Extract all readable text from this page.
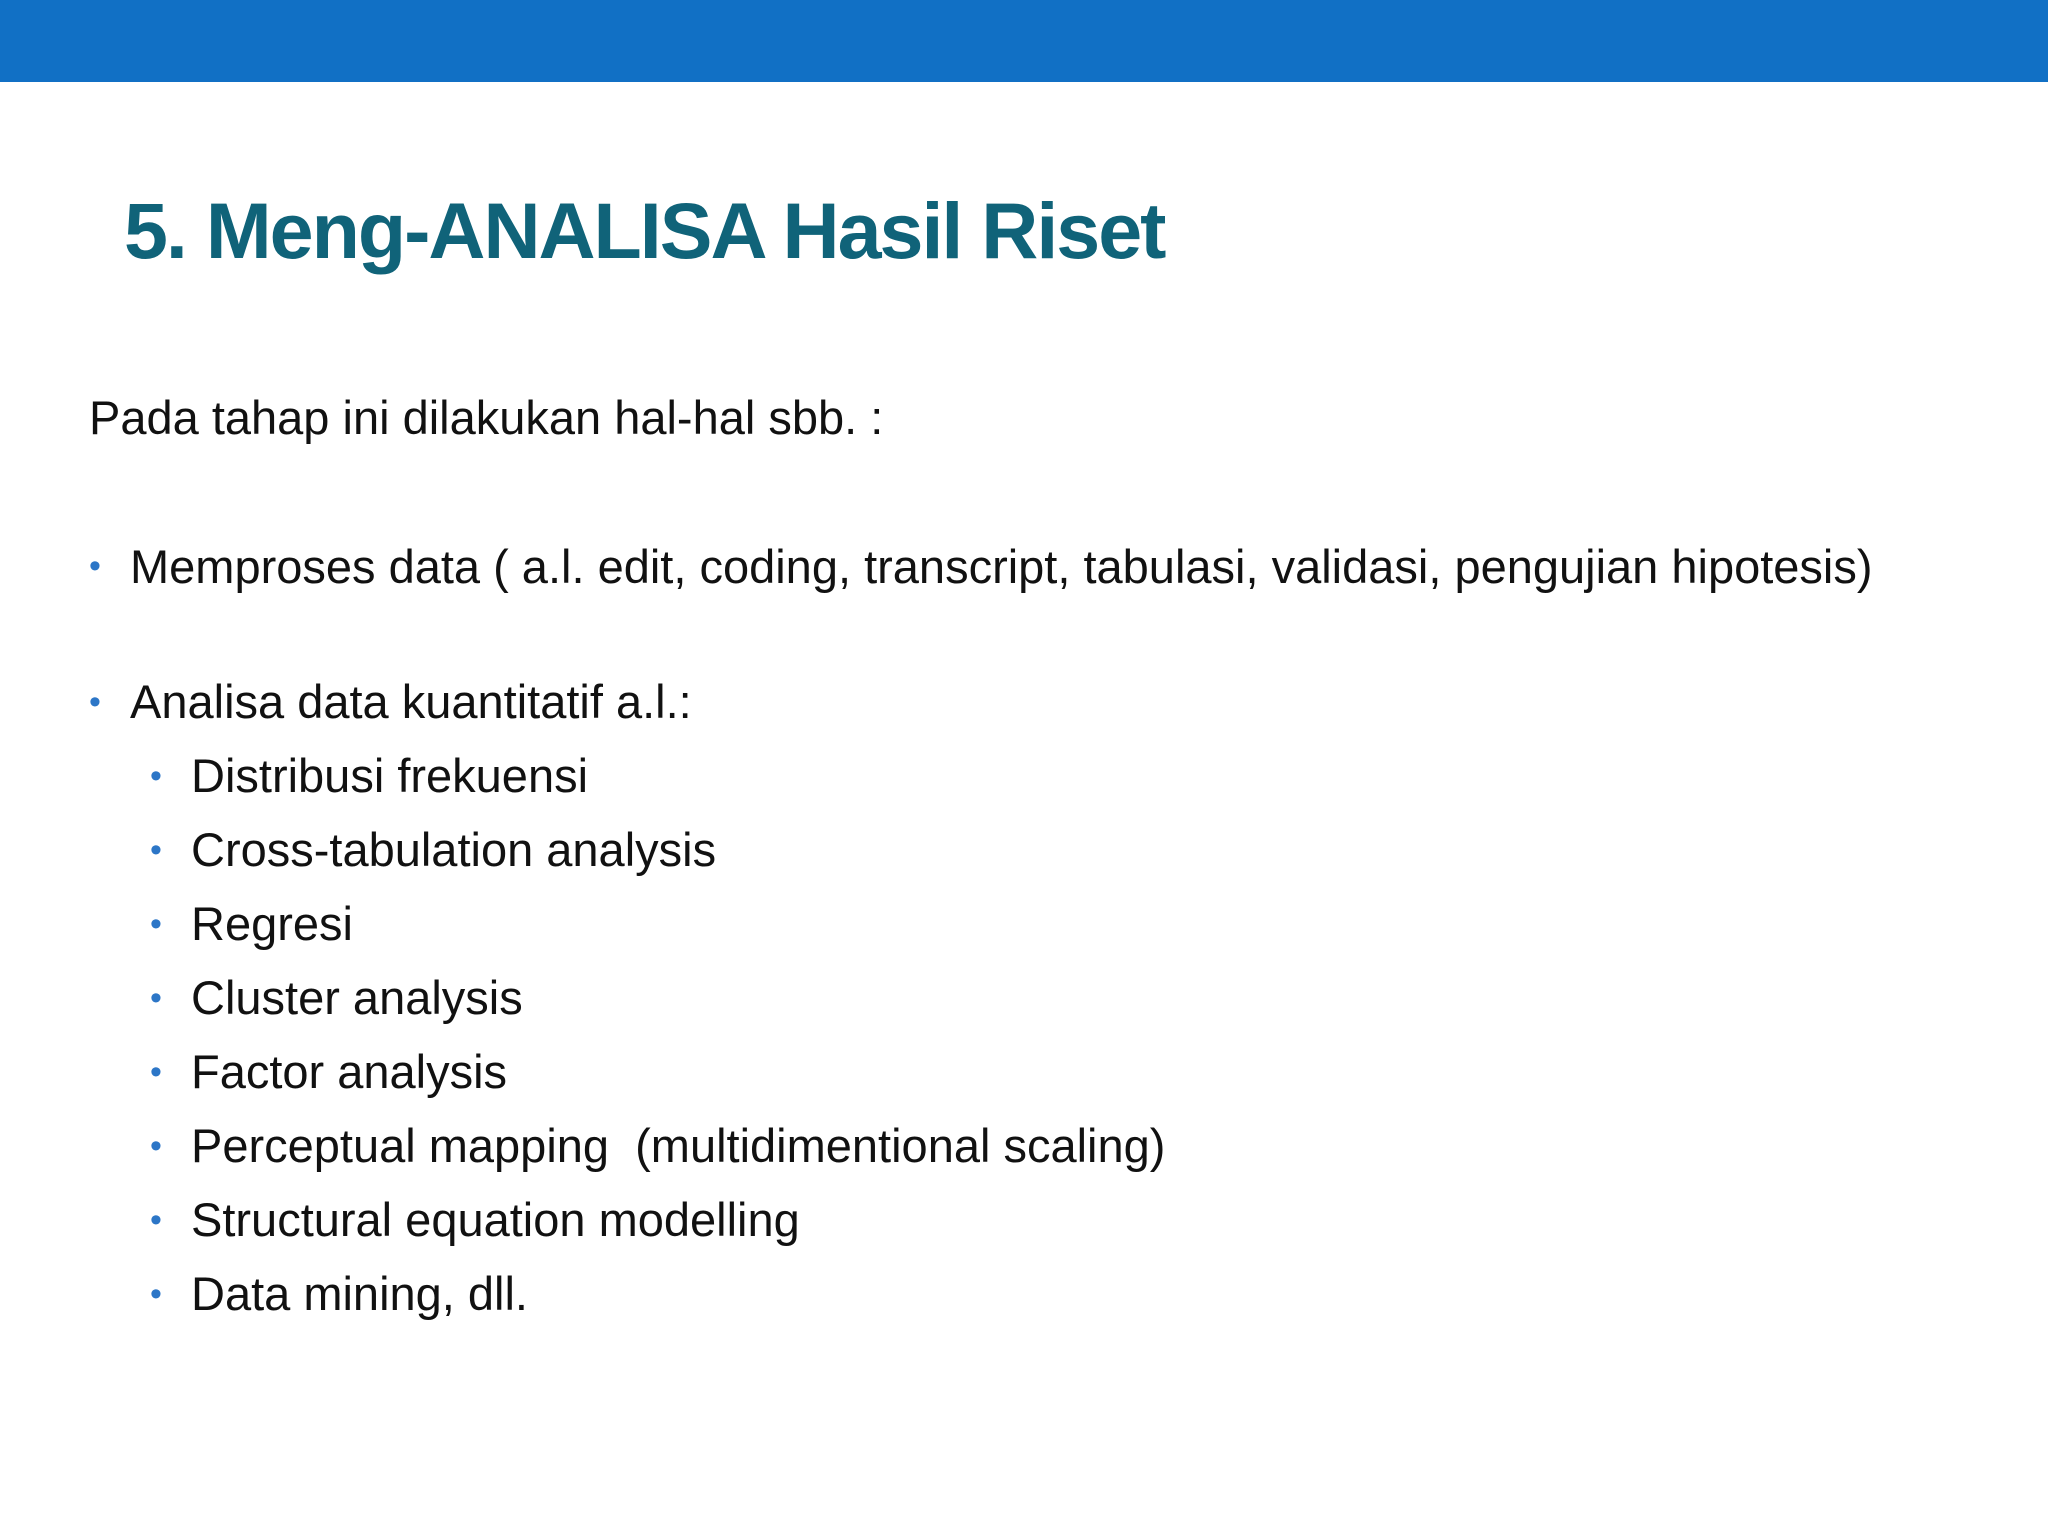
5. Meng-ANALISA Hasil Riset

Pada tahap ini dilakukan hal-hal sbb. :

• Memproses data ( a.l. edit, coding, transcript, tabulasi, validasi, pengujian hipotesis)
• Analisa data kuantitatif a.l.:
• Distribusi frekuensi
• Cross-tabulation analysis
• Regresi
• Cluster analysis
• Factor analysis
• Perceptual mapping  (multidimentional scaling)
• Structural equation modelling
• Data mining, dll.
